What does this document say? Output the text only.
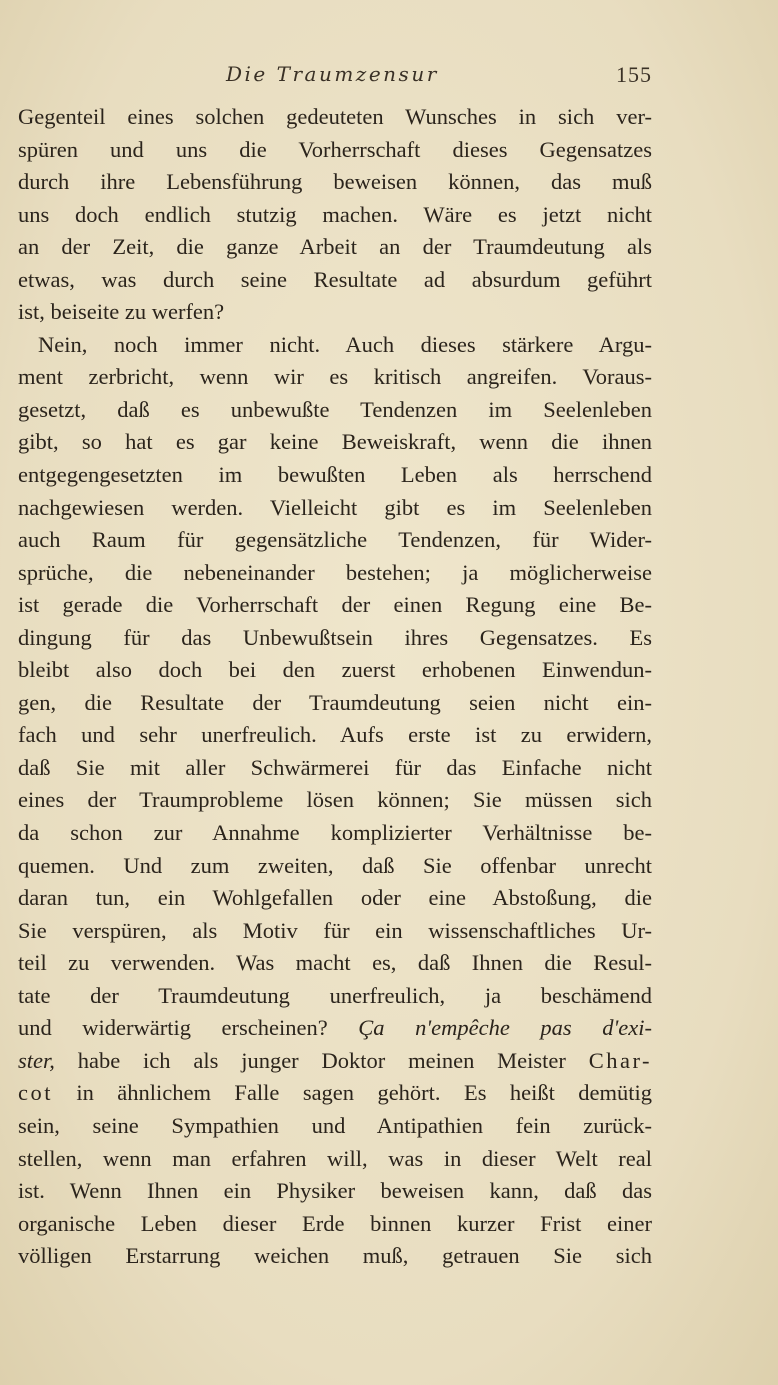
Die Traumzensur	155
Gegenteil eines solchen gedeuteten Wunsches in sich ver-
spüren und uns die Vorherrschaft dieses Gegensatzes
durch ihre Lebensführung beweisen können, das muß
uns doch endlich stutzig machen. Wäre es jetzt nicht
an der Zeit, die ganze Arbeit an der Traumdeutung als
etwas, was durch seine Resultate ad absurdum geführt
ist, beiseite zu werfen?
Nein, noch immer nicht. Auch dieses stärkere Argu-
ment zerbricht, wenn wir es kritisch angreifen. Voraus-
gesetzt, daß es unbewußte Tendenzen im Seelenleben
gibt, so hat es gar keine Beweiskraft, wenn die ihnen
entgegengesetzten im bewußten Leben als herrschend
nachgewiesen werden. Vielleicht gibt es im Seelenleben
auch Raum für gegensätzliche Tendenzen, für Wider-
sprüche, die nebeneinander bestehen; ja möglicherweise
ist gerade die Vorherrschaft der einen Regung eine Be-
dingung für das Unbewußtsein ihres Gegensatzes. Es
bleibt also doch bei den zuerst erhobenen Einwendun-
gen, die Resultate der Traumdeutung seien nicht ein-
fach und sehr unerfreulich. Aufs erste ist zu erwidern,
daß Sie mit aller Schwärmerei für das Einfache nicht
eines der Traumprobleme lösen können; Sie müssen sich
da schon zur Annahme komplizierter Verhältnisse be-
quemen. Und zum zweiten, daß Sie offenbar unrecht
daran tun, ein Wohlgefallen oder eine Abstoßung, die
Sie verspüren, als Motiv für ein wissenschaftliches Ur-
teil zu verwenden. Was macht es, daß Ihnen die Resul-
tate der Traumdeutung unerfreulich, ja beschämend
und widerwärtig erscheinen? Ça n'empêche pas d'exi-
ster, habe ich als junger Doktor meinen Meister Char-
cot in ähnlichem Falle sagen gehört. Es heißt demütig
sein, seine Sympathien und Antipathien fein zurück-
stellen, wenn man erfahren will, was in dieser Welt real
ist. Wenn Ihnen ein Physiker beweisen kann, daß das
organische Leben dieser Erde binnen kurzer Frist einer
völligen Erstarrung weichen muß, getrauen Sie sich
